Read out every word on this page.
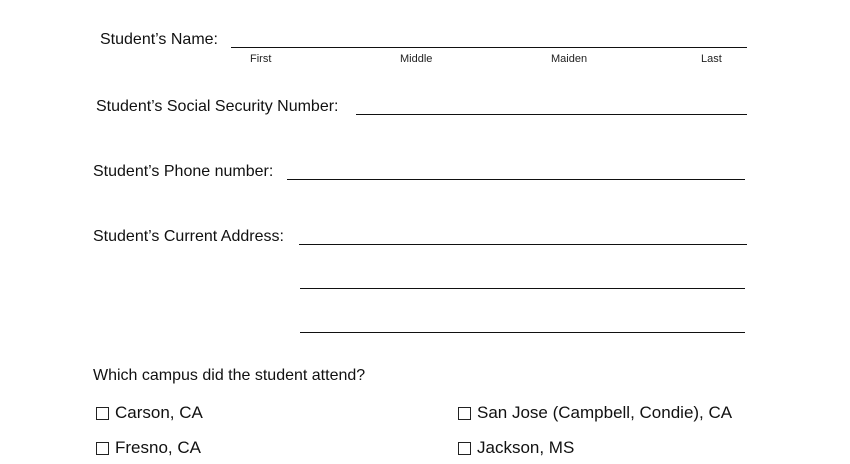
Student’s Name:
First	Middle	Maiden	Last
Student’s Social Security Number:
Student’s Phone number:
Student’s Current Address:
Which campus did the student attend?
Carson, CA	San Jose (Campbell, Condie), CA
Fresno, CA	Jackson, MS
